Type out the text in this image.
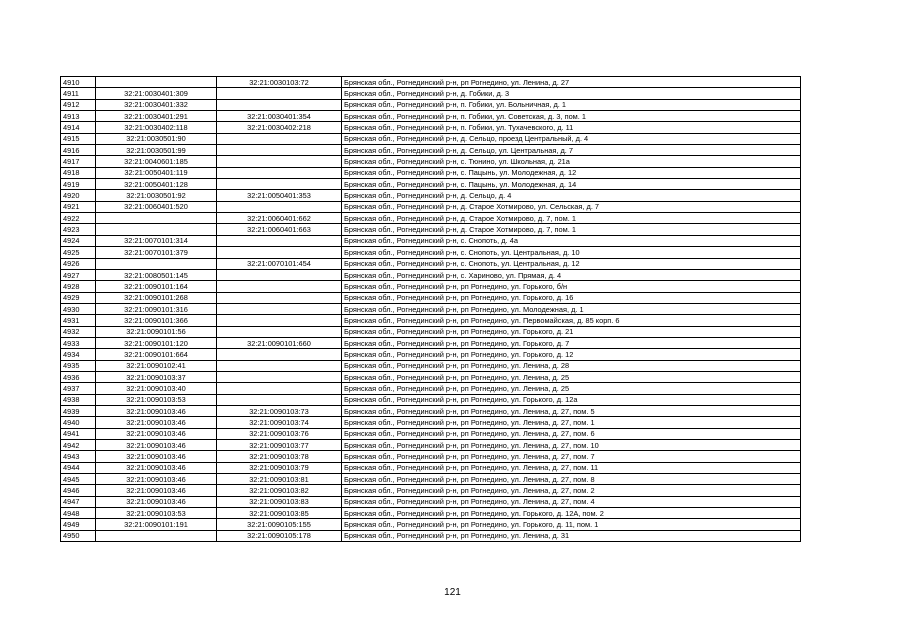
4910		32:21:0030103:72	Брянская обл., Рогнединский р-н, рп Рогнедино, ул. Ленина, д. 27
4911	32:21:0030401:309		Брянская обл., Рогнединский р-н, д. Гобики, д. 3
4912	32:21:0030401:332		Брянская обл., Рогнединский р-н, п. Гобики, ул. Больничная, д. 1
4913	32:21:0030401:291	32:21:0030401:354	Брянская обл., Рогнединский р-н, п. Гобики, ул. Советская, д. 3, пом. 1
4914	32:21:0030402:118	32:21:0030402:218	Брянская обл., Рогнединский р-н, п. Гобики, ул. Тухачевского, д. 11
4915	32:21:0030501:90		Брянская обл., Рогнединский р-н, д. Сельцо, проезд Центральный, д. 4
4916	32:21:0030501:99		Брянская обл., Рогнединский р-н, д. Сельцо, ул. Центральная, д. 7
4917	32:21:0040601:185		Брянская обл., Рогнединский р-н, с. Тюнино, ул. Школьная, д. 21а
4918	32:21:0050401:119		Брянская обл., Рогнединский р-н, с. Пацынь, ул. Молодежная, д. 12
4919	32:21:0050401:128		Брянская обл., Рогнединский р-н, с. Пацынь, ул. Молодежная, д. 14
4920	32:21:0030501:92	32:21:0050401:353	Брянская обл., Рогнединский р-н, д. Сельцо, д. 4
4921	32:21:0060401:520		Брянская обл., Рогнединский р-н, д. Старое Хотмирово, ул. Сельская, д. 7
4922		32:21:0060401:662	Брянская обл., Рогнединский р-н, д. Старое Хотмирово, д. 7, пом. 1
4923		32:21:0060401:663	Брянская обл., Рогнединский р-н, д. Старое Хотмирово, д. 7, пом. 1
4924	32:21:0070101:314		Брянская обл., Рогнединский р-н, с. Снопоть, д. 4а
4925	32:21:0070101:379		Брянская обл., Рогнединский р-н, с. Снопоть, ул. Центральная, д. 10
4926		32:21:0070101:454	Брянская обл., Рогнединский р-н, с. Снопоть, ул. Центральная, д. 12
4927	32:21:0080501:145		Брянская обл., Рогнединский р-н, с. Хариново, ул. Прямая, д. 4
4928	32:21:0090101:164		Брянская обл., Рогнединский р-н, рп Рогнедино, ул. Горького, б/н
4929	32:21:0090101:268		Брянская обл., Рогнединский р-н, рп Рогнедино, ул. Горького, д. 16
4930	32:21:0090101:316		Брянская обл., Рогнединский р-н, рп Рогнедино, ул. Молодежная, д. 1
4931	32:21:0090101:366		Брянская обл., Рогнединский р-н, рп Рогнедино, ул. Первомайская, д. 85 корп. 6
4932	32:21:0090101:56		Брянская обл., Рогнединский р-н, рп Рогнедино, ул. Горького, д. 21
4933	32:21:0090101:120	32:21:0090101:660	Брянская обл., Рогнединский р-н, рп Рогнедино, ул. Горького, д. 7
4934	32:21:0090101:664		Брянская обл., Рогнединский р-н, рп Рогнедино, ул. Горького, д. 12
4935	32:21:0090102:41		Брянская обл., Рогнединский р-н, рп Рогнедино, ул. Ленина, д. 28
4936	32:21:0090103:37		Брянская обл., Рогнединский р-н, рп Рогнедино, ул. Ленина, д. 25
4937	32:21:0090103:40		Брянская обл., Рогнединский р-н, рп Рогнедино, ул. Ленина, д. 25
4938	32:21:0090103:53		Брянская обл., Рогнединский р-н, рп Рогнедино, ул. Горького, д. 12а
4939	32:21:0090103:46	32:21:0090103:73	Брянская обл., Рогнединский р-н, рп Рогнедино, ул. Ленина, д. 27, пом. 5
4940	32:21:0090103:46	32:21:0090103:74	Брянская обл., Рогнединский р-н, рп Рогнедино, ул. Ленина, д. 27, пом. 1
4941	32:21:0090103:46	32:21:0090103:76	Брянская обл., Рогнединский р-н, рп Рогнедино, ул. Ленина, д. 27, пом. 6
4942	32:21:0090103:46	32:21:0090103:77	Брянская обл., Рогнединский р-н, рп Рогнедино, ул. Ленина, д. 27, пом. 10
4943	32:21:0090103:46	32:21:0090103:78	Брянская обл., Рогнединский р-н, рп Рогнедино, ул. Ленина, д. 27, пом. 7
4944	32:21:0090103:46	32:21:0090103:79	Брянская обл., Рогнединский р-н, рп Рогнедино, ул. Ленина, д. 27, пом. 11
4945	32:21:0090103:46	32:21:0090103:81	Брянская обл., Рогнединский р-н, рп Рогнедино, ул. Ленина, д. 27, пом. 8
4946	32:21:0090103:46	32:21:0090103:82	Брянская обл., Рогнединский р-н, рп Рогнедино, ул. Ленина, д. 27, пом. 2
4947	32:21:0090103:46	32:21:0090103:83	Брянская обл., Рогнединский р-н, рп Рогнедино, ул. Ленина, д. 27, пом. 4
4948	32:21:0090103:53	32:21:0090103:85	Брянская обл., Рогнединский р-н, рп Рогнедино, ул. Горького, д. 12А, пом. 2
4949	32:21:0090101:191	32:21:0090105:155	Брянская обл., Рогнединский р-н, рп Рогнедино, ул. Горького, д. 11, пом. 1
4950		32:21:0090105:178	Брянская обл., Рогнединский р-н, рп Рогнедино, ул. Ленина, д. 31
121
